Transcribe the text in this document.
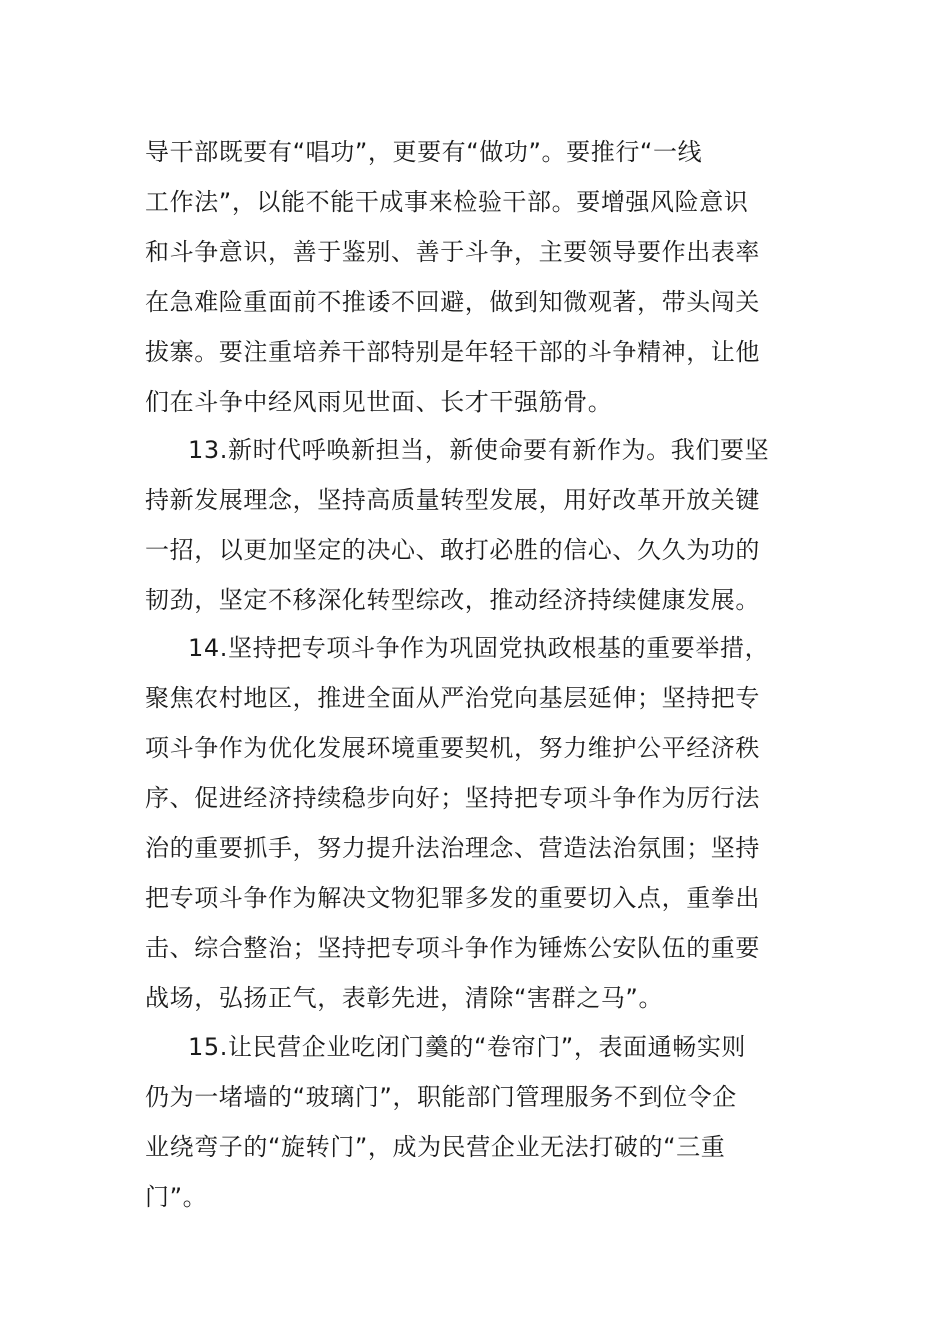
导干部既要有“唱功”，更要有“做功”。要推行“一线
工作法”，以能不能干成事来检验干部。要增强风险意识
和斗争意识，善于鉴别、善于斗争，主要领导要作出表率
在急难险重面前不推诿不回避，做到知微观著，带头闯关
拔寨。要注重培养干部特别是年轻干部的斗争精神，让他
们在斗争中经风雨见世面、长才干强筋骨。
13.新时代呼唤新担当，新使命要有新作为。我们要坚
持新发展理念，坚持高质量转型发展，用好改革开放关键
一招，以更加坚定的决心、敢打必胜的信心、久久为功的
韧劲，坚定不移深化转型综改，推动经济持续健康发展。
14.坚持把专项斗争作为巩固党执政根基的重要举措，
聚焦农村地区，推进全面从严治党向基层延伸；坚持把专
项斗争作为优化发展环境重要契机，努力维护公平经济秩
序、促进经济持续稳步向好；坚持把专项斗争作为厉行法
治的重要抓手，努力提升法治理念、营造法治氛围；坚持
把专项斗争作为解决文物犯罪多发的重要切入点，重拳出
击、综合整治；坚持把专项斗争作为锤炼公安队伍的重要
战场，弘扬正气，表彰先进，清除“害群之马”。
15.让民营企业吃闭门羹的“卷帘门”，表面通畅实则
仍为一堵墙的“玻璃门”，职能部门管理服务不到位令企
业绕弯子的“旋转门”，成为民营企业无法打破的“三重
门”。
